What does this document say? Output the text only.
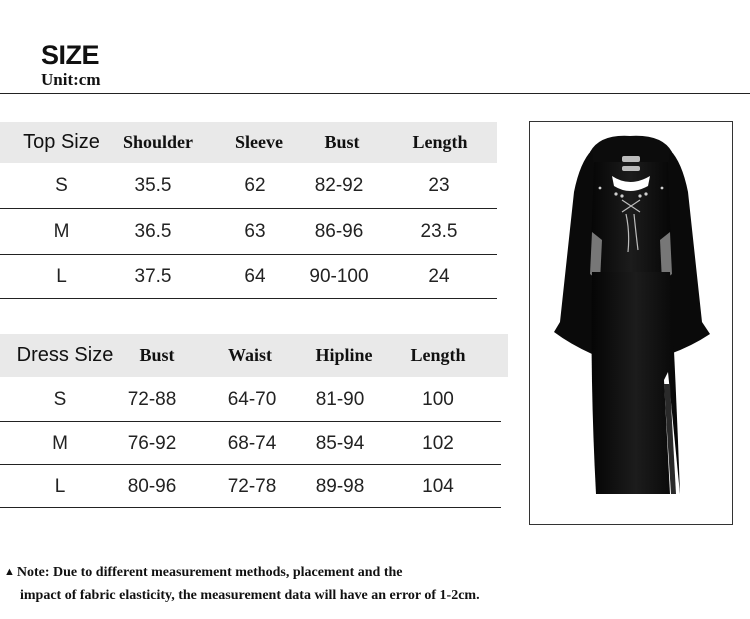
SIZE
Unit:cm
Top Size	Shoulder	Sleeve	Bust	Length
S	35.5	62	82-92	23
M	36.5	63	86-96	23.5
L	37.5	64	90-100	24
Dress Size	Bust	Waist	Hipline	Length
S	72-88	64-70	81-90	100
M	76-92	68-74	85-94	102
L	80-96	72-78	89-98	104
▲ Note: Due to different measurement methods, placement and the
impact of fabric elasticity, the measurement data will have an error of 1-2cm.
